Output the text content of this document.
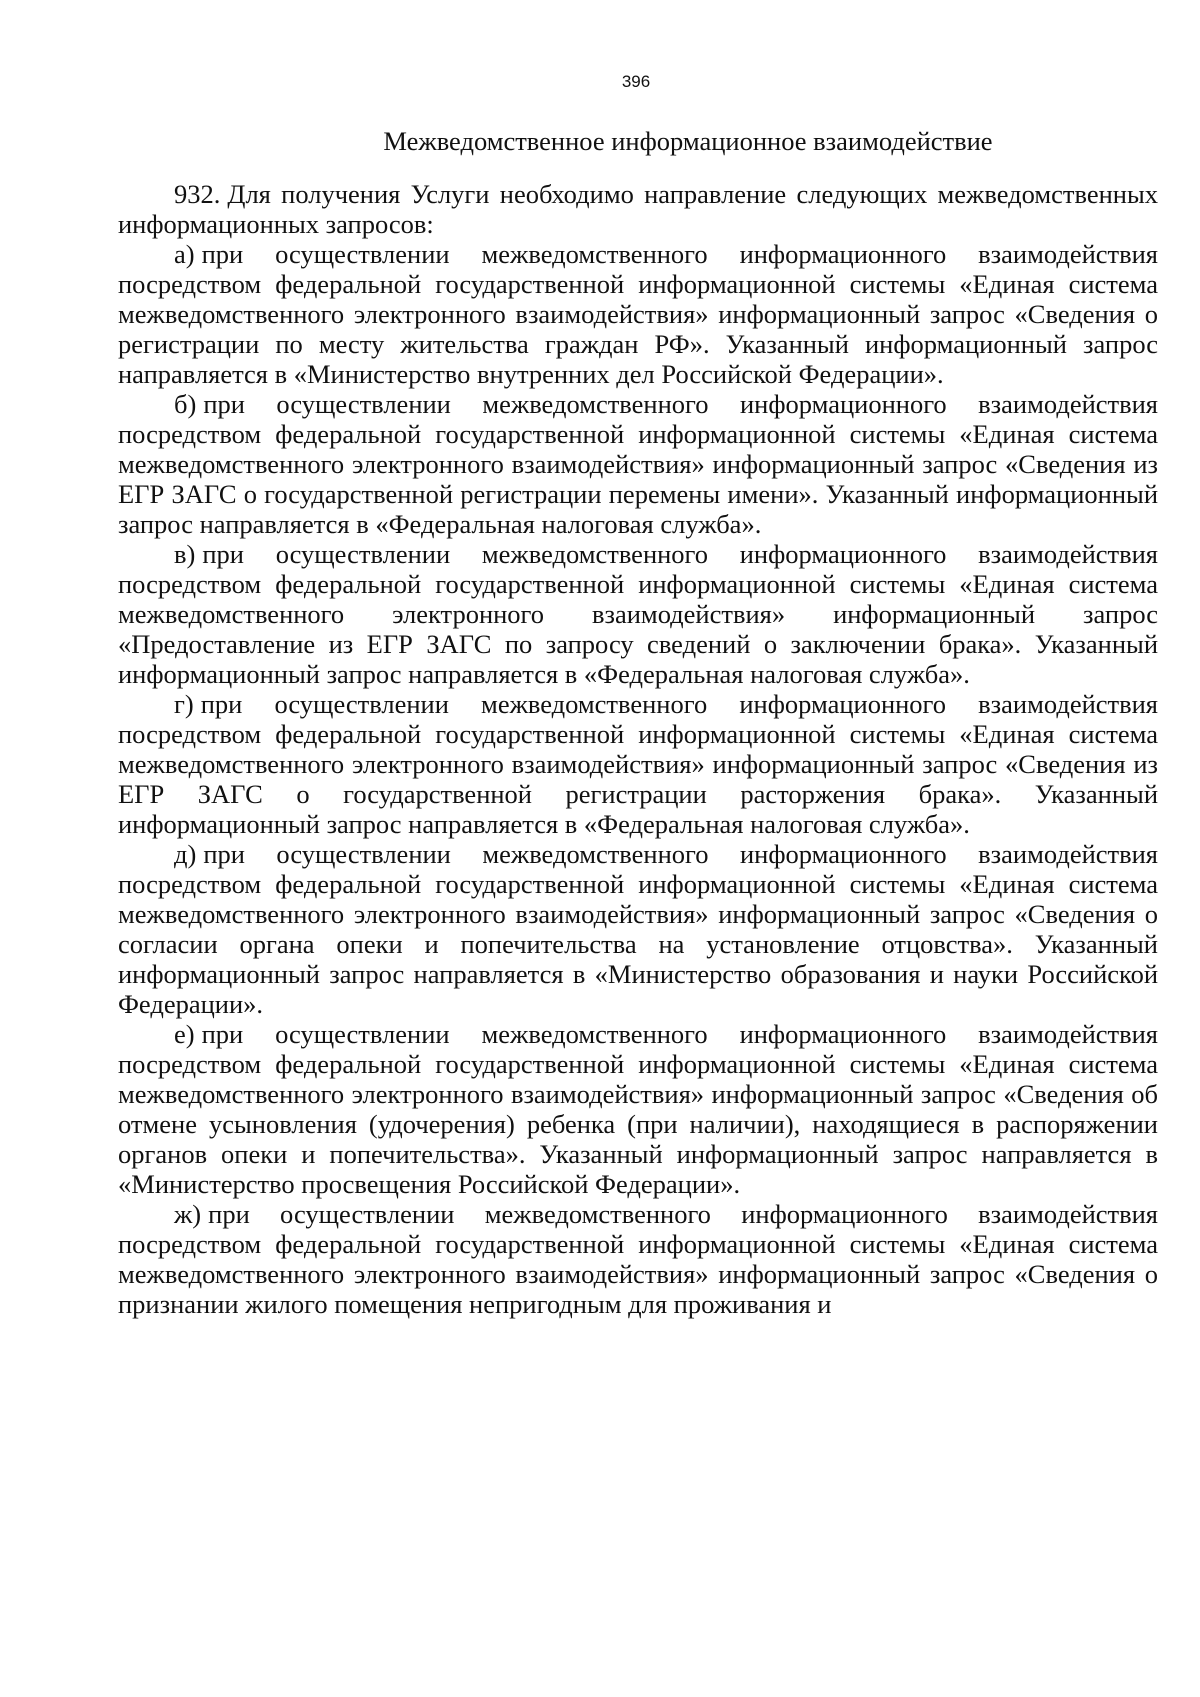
396
Межведомственное информационное взаимодействие

932. Для получения Услуги необходимо направление следующих межведомственных информационных запросов:

а) при осуществлении межведомственного информационного взаимодействия посредством федеральной государственной информационной системы «Единая система межведомственного электронного взаимодействия» информационный запрос «Сведения о регистрации по месту жительства граждан РФ». Указанный информационный запрос направляется в «Министерство внутренних дел Российской Федерации».

б) при осуществлении межведомственного информационного взаимодействия посредством федеральной государственной информационной системы «Единая система межведомственного электронного взаимодействия» информационный запрос «Сведения из ЕГР ЗАГС о государственной регистрации перемены имени». Указанный информационный запрос направляется в «Федеральная налоговая служба».

в) при осуществлении межведомственного информационного взаимодействия посредством федеральной государственной информационной системы «Единая система межведомственного электронного взаимодействия» информационный запрос «Предоставление из ЕГР ЗАГС по запросу сведений о заключении брака». Указанный информационный запрос направляется в «Федеральная налоговая служба».

г) при осуществлении межведомственного информационного взаимодействия посредством федеральной государственной информационной системы «Единая система межведомственного электронного взаимодействия» информационный запрос «Сведения из ЕГР ЗАГС о государственной регистрации расторжения брака». Указанный информационный запрос направляется в «Федеральная налоговая служба».

д) при осуществлении межведомственного информационного взаимодействия посредством федеральной государственной информационной системы «Единая система межведомственного электронного взаимодействия» информационный запрос «Сведения о согласии органа опеки и попечительства на установление отцовства». Указанный информационный запрос направляется в «Министерство образования и науки Российской Федерации».

е) при осуществлении межведомственного информационного взаимодействия посредством федеральной государственной информационной системы «Единая система межведомственного электронного взаимодействия» информационный запрос «Сведения об отмене усыновления (удочерения) ребенка (при наличии), находящиеся в распоряжении органов опеки и попечительства». Указанный информационный запрос направляется в «Министерство просвещения Российской Федерации».

ж) при осуществлении межведомственного информационного взаимодействия посредством федеральной государственной информационной системы «Единая система межведомственного электронного взаимодействия» информационный запрос «Сведения о признании жилого помещения непригодным для проживания и
